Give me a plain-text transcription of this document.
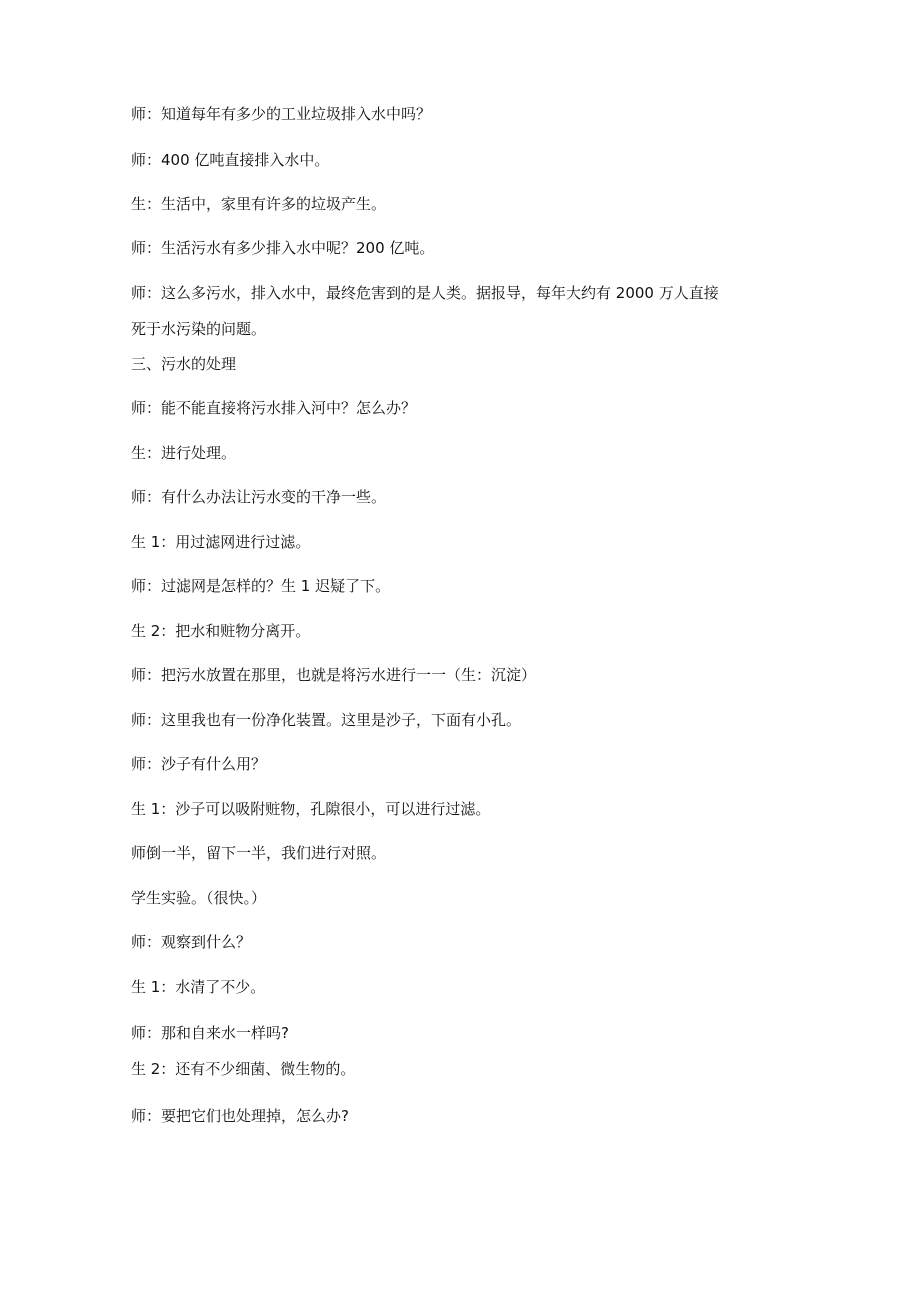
师：知道每年有多少的工业垃圾排入水中吗？
师：400 亿吨直接排入水中。
生：生活中，家里有许多的垃圾产生。
师：生活污水有多少排入水中呢？200 亿吨。
师：这么多污水，排入水中，最终危害到的是人类。据报导，每年大约有 2000 万人直接
死于水污染的问题。
三、污水的处理
师：能不能直接将污水排入河中？怎么办？
生：进行处理。
师：有什么办法让污水变的干净一些。
生 1：用过滤网进行过滤。
师：过滤网是怎样的？生 1 迟疑了下。
生 2：把水和赃物分离开。
师：把污水放置在那里，也就是将污水进行一一（生：沉淀）
师：这里我也有一份净化装置。这里是沙子，下面有小孔。
师：沙子有什么用？
生 1：沙子可以吸附赃物，孔隙很小，可以进行过滤。
师倒一半，留下一半，我们进行对照。
学生实验。（很快。）
师：观察到什么？
生 1：水清了不少。
师：那和自来水一样吗?
生 2：还有不少细菌、微生物的。
师：要把它们也处理掉，怎么办?
